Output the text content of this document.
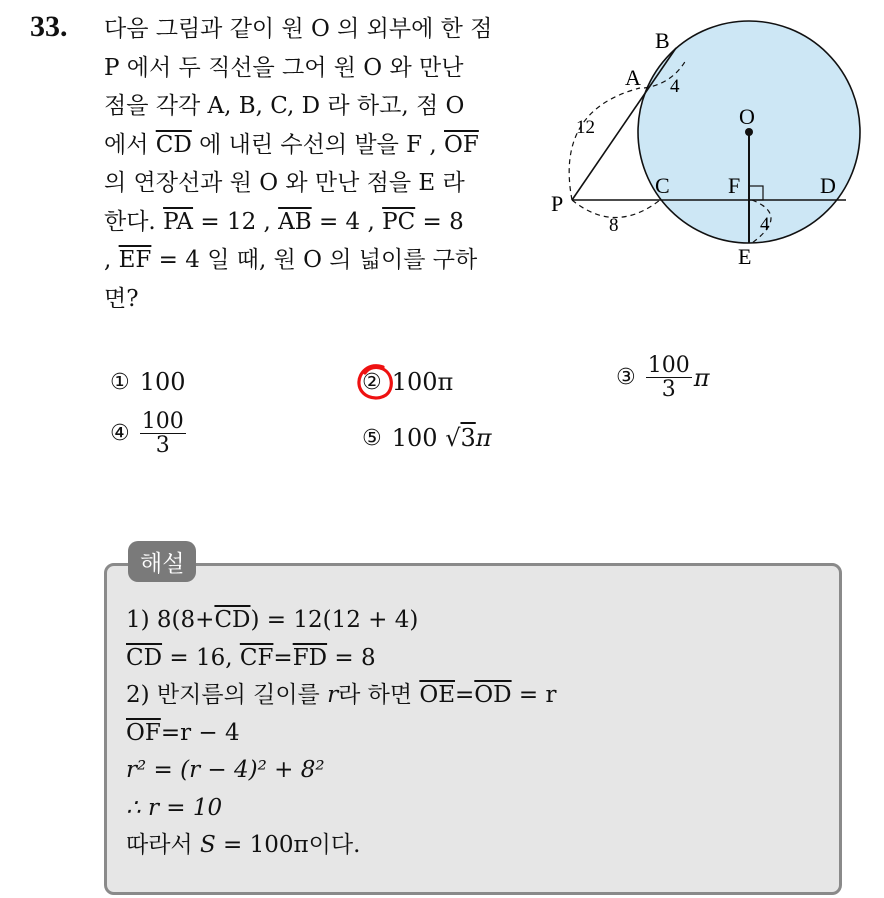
33. 다음 그림과 같이 원 O 의 외부에 한 점
P 에서 두 직선을 그어 원 O 와 만난
점을 각각 A, B, C, D 라 하고, 점 O
에서 $\overline{CD}$ 에 내린 수선의 발을 F , $\overline{OF}$
의 연장선과 원 O 와 만난 점을 E 라
한다. $\overline{PA} = 12$ , $\overline{AB} = 4$ , $\overline{PC} = 8$
, $\overline{EF} = 4$ 일 때, 원 O 의 넓이를 구하
면?
B
A 4
O
12
P
C	F	D
8	4
E
① 100	② 100π	③ $\frac{100}{3}$ π
④ $\frac{100}{3}$	⑤ 100 √3π
해설
1) $8(8+\overline{CD}) = 12(12 + 4)$
$\overline{CD} = 16$, $\overline{CF}=\overline{FD} = 8$
2) 반지름의 길이를 r라 하면 $\overline{OE}=\overline{OD} = r$
$\overline{OF}=r - 4$
r² = (r − 4)² + 8²
∴ r = 10
따라서 S = 100π이다.
